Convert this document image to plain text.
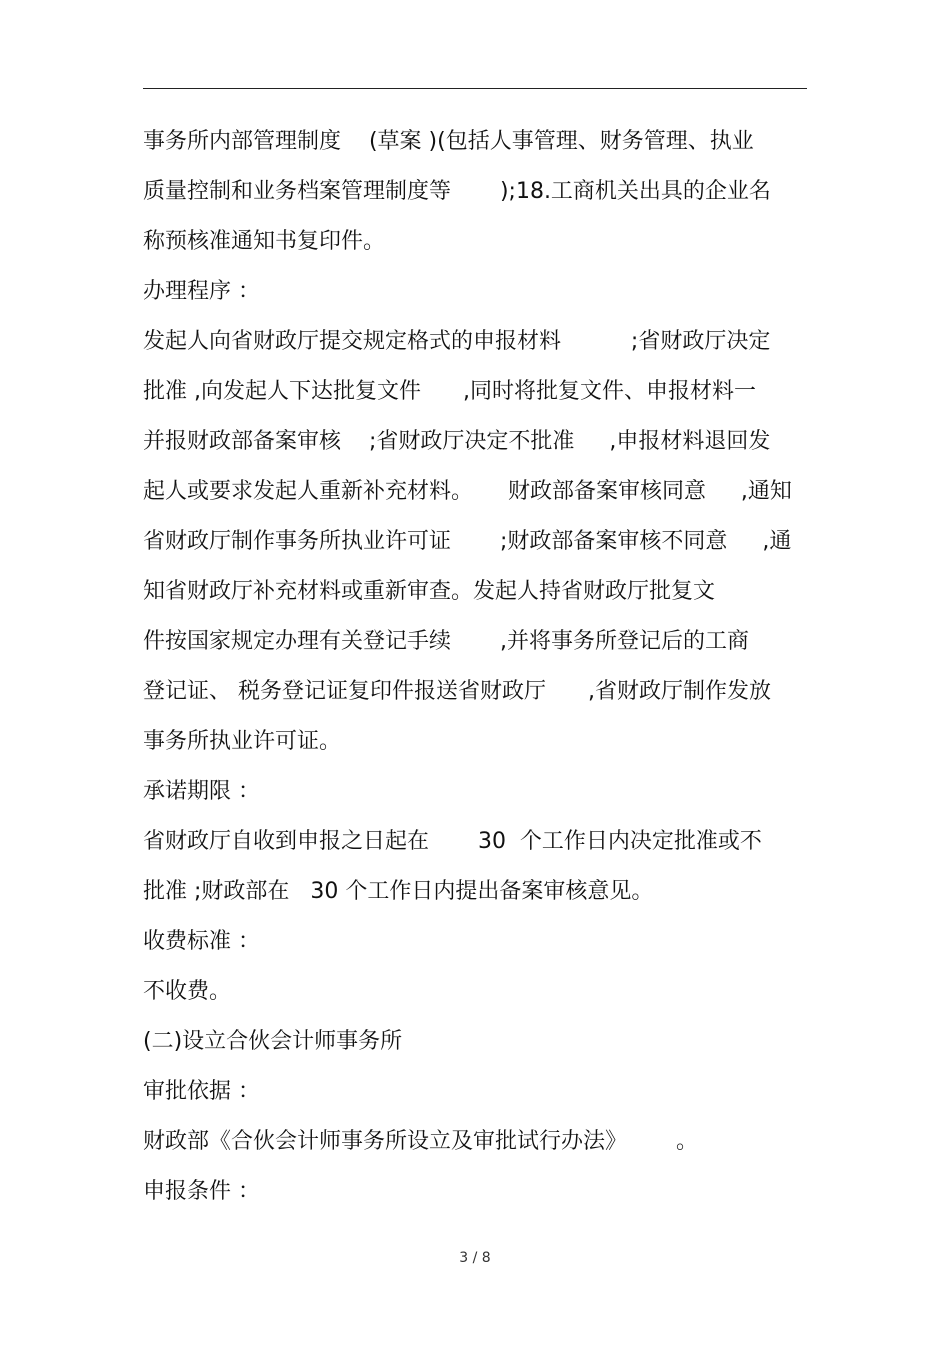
事务所内部管理制度    (草案 )(包括人事管理、财务管理、执业
质量控制和业务档案管理制度等       );18.工商机关出具的企业名
称预核准通知书复印件。
办理程序 ：
发起人向省财政厅提交规定格式的申报材料          ;省财政厅决定
批准 ,向发起人下达批复文件      ,同时将批复文件、申报材料一
并报财政部备案审核    ;省财政厅决定不批准     ,申报材料退回发
起人或要求发起人重新补充材料。     财政部备案审核同意     ,通知
省财政厅制作事务所执业许可证       ;财政部备案审核不同意     ,通
知省财政厅补充材料或重新审查。发起人持省财政厅批复文
件按国家规定办理有关登记手续       ,并将事务所登记后的工商
登记证、 税务登记证复印件报送省财政厅      ,省财政厅制作发放
事务所执业许可证。
承诺期限 ：
省财政厅自收到申报之日起在       30  个工作日内决定批准或不
批准 ;财政部在   30 个工作日内提出备案审核意见。
收费标准 ：
不收费。
(二)设立合伙会计师事务所
审批依据 ：
财政部《合伙会计师事务所设立及审批试行办法》       。
申报条件 ：
3 / 8
